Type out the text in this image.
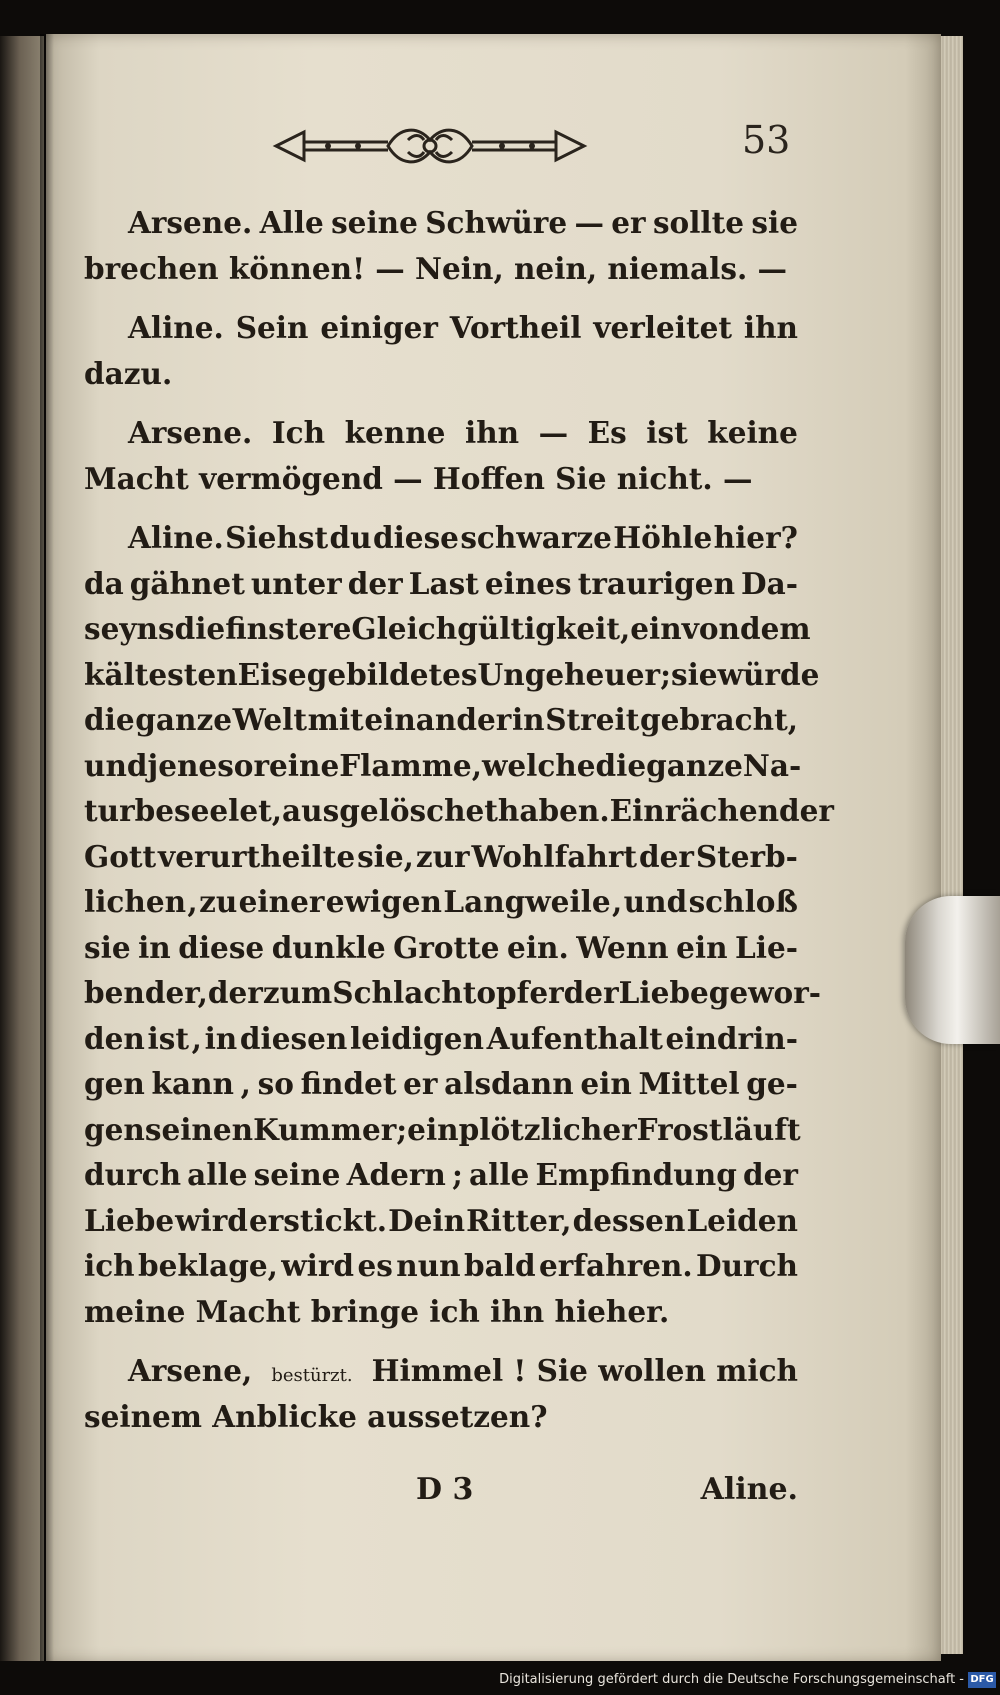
53
Arsene. Alle seine Schwüre — er sollte sie
brechen können! — Nein, nein, niemals. —
Aline. Sein einiger Vortheil verleitet ihn
dazu.
Arsene. Ich kenne ihn — Es ist keine
Macht vermögend — Hoffen Sie nicht. —
Aline. Siehst du diese schwarze Höhle hier?
da gähnet unter der Last eines traurigen Da-
seyns die finstere Gleichgültigkeit, ein von dem
kältesten Eise gebildetes Ungeheuer ; sie würde
die ganze Welt mit einander in Streit gebracht,
und jene so reine Flamme, welche die ganze Na-
tur beseelet, ausgelöschet haben. Ein rächender
Gott verurtheilte sie, zur Wohlfahrt der Sterb-
lichen , zu einer ewigen Langweile , und schloß
sie in diese dunkle Grotte ein. Wenn ein Lie-
bender, der zum Schlachtopfer der Liebe gewor-
den ist , in diesen leidigen Aufenthalt eindrin-
gen kann , so findet er alsdann ein Mittel ge-
gen seinen Kummer ; ein plötzlicher Frost läuft
durch alle seine Adern ; alle Empfindung der
Liebe wird erstickt. Dein Ritter, dessen Leiden
ich beklage, wird es nun bald erfahren. Durch
meine Macht bringe ich ihn hieher.
Arsene, bestürzt. Himmel ! Sie wollen mich
seinem Anblicke aussetzen?
D 3	Aline.
Digitalisierung gefördert durch die Deutsche Forschungsgemeinschaft - DFG
